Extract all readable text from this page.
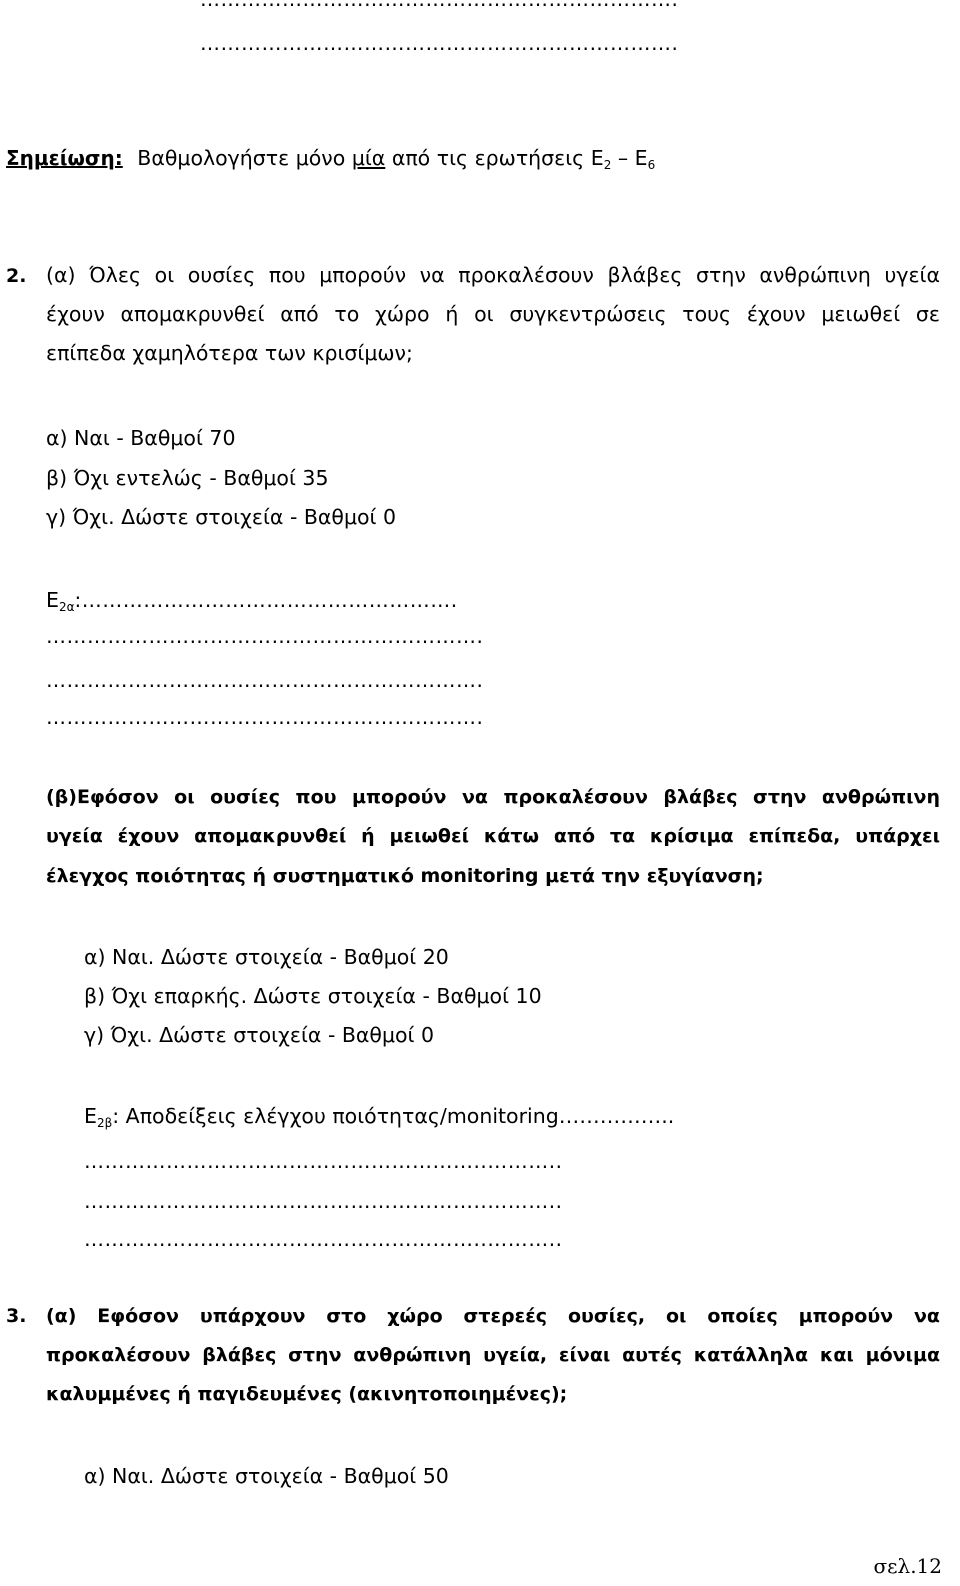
…………………………………………………………….
Σημείωση: Βαθμολογήστε μόνο μία από τις ερωτήσεις $E_2 - E_6$
2. (α) Όλες οι ουσίες που μπορούν να προκαλέσουν βλάβες στην ανθρώπινη υγεία
έχουν απομακρυνθεί από το χώρο ή οι συγκεντρώσεις τους έχουν μειωθεί σε
επίπεδα χαμηλότερα των κρισίμων;
α) Ναι - Βαθμοί 70
β) Όχι εντελώς - Βαθμοί 35
γ) Όχι. Δώστε στοιχεία - Βαθμοί 0
$E_{2\alpha}:\dots\dots\dots\dots\dots\dots\dots\dots\dots\dots\dots\dots\dots\dots\dots\dots\dots\dots$.
……………………………………………………….
……………………………………………………….
……………………………………………………….
(β)Εφόσον οι ουσίες που μπορούν να προκαλέσουν βλάβες στην ανθρώπινη
υγεία έχουν απομακρυνθεί ή μειωθεί κάτω από τα κρίσιμα επίπεδα, υπάρχει
έλεγχος ποιότητας ή συστηματικό monitoring μετά την εξυγίανση;
α) Ναι. Δώστε στοιχεία - Βαθμοί 20
β) Όχι επαρκής. Δώστε στοιχεία - Βαθμοί 10
γ) Όχι. Δώστε στοιχεία - Βαθμοί 0
$E_{2\beta}$: Αποδείξεις ελέγχου ποιότητας/monitoring……………..
…………………………………………………..………..
…………………………………………………..………..
…………………………………………………..………..
3. (α) Εφόσον υπάρχουν στο χώρο στερεές ουσίες, οι οποίες μπορούν να
προκαλέσουν βλάβες στην ανθρώπινη υγεία, είναι αυτές κατάλληλα και μόνιμα
καλυμμένες ή παγιδευμένες (ακινητοποιημένες);
α) Ναι. Δώστε στοιχεία - Βαθμοί 50
σελ.12
